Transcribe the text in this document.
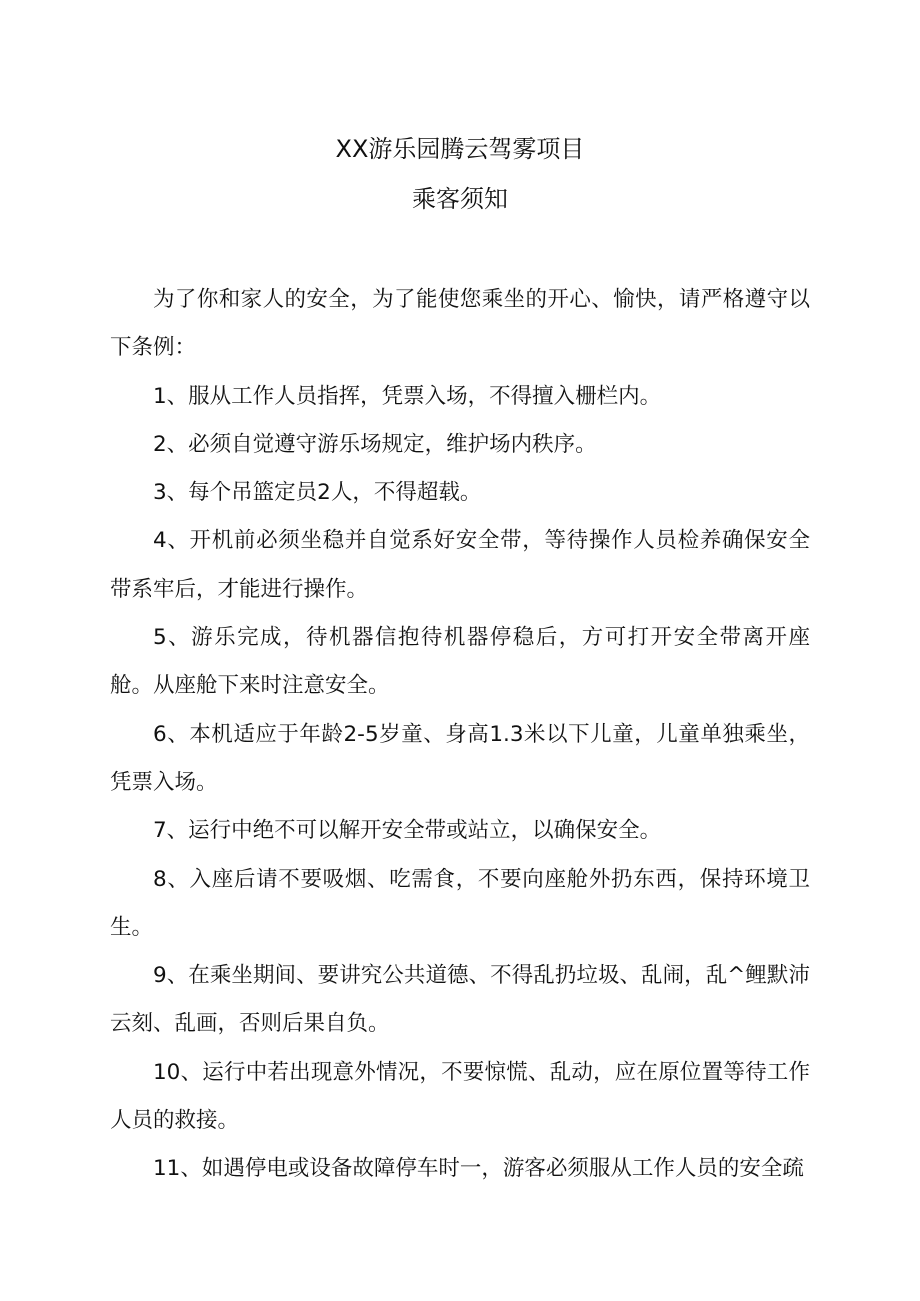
XX游乐园腾云驾雾项目
乘客须知

为了你和家人的安全，为了能使您乘坐的开心、愉快，请严格遵守以下条例：

1、服从工作人员指挥，凭票入场，不得擅入栅栏内。

2、必须自觉遵守游乐场规定，维护场内秩序。

3、每个吊篮定员2人，不得超载。

4、开机前必须坐稳并自觉系好安全带，等待操作人员检养确保安全带系牢后，才能进行操作。

5、游乐完成，待机器信抱待机器停稳后，方可打开安全带离开座舱。从座舱下来时注意安全。

6、本机适应于年龄2-5岁童、身高1.3米以下儿童，儿童单独乘坐，凭票入场。

7、运行中绝不可以解开安全带或站立，以确保安全。

8、入座后请不要吸烟、吃需食，不要向座舱外扔东西，保持环境卫生。

9、在乘坐期间、要讲究公共道德、不得乱扔垃圾、乱闹，乱^鲤默沛云刻、乱画，否则后果自负。

10、运行中若出现意外情况，不要惊慌、乱动，应在原位置等待工作人员的救接。

11、如遇停电或设备故障停车时一，游客必须服从工作人员的安全疏
